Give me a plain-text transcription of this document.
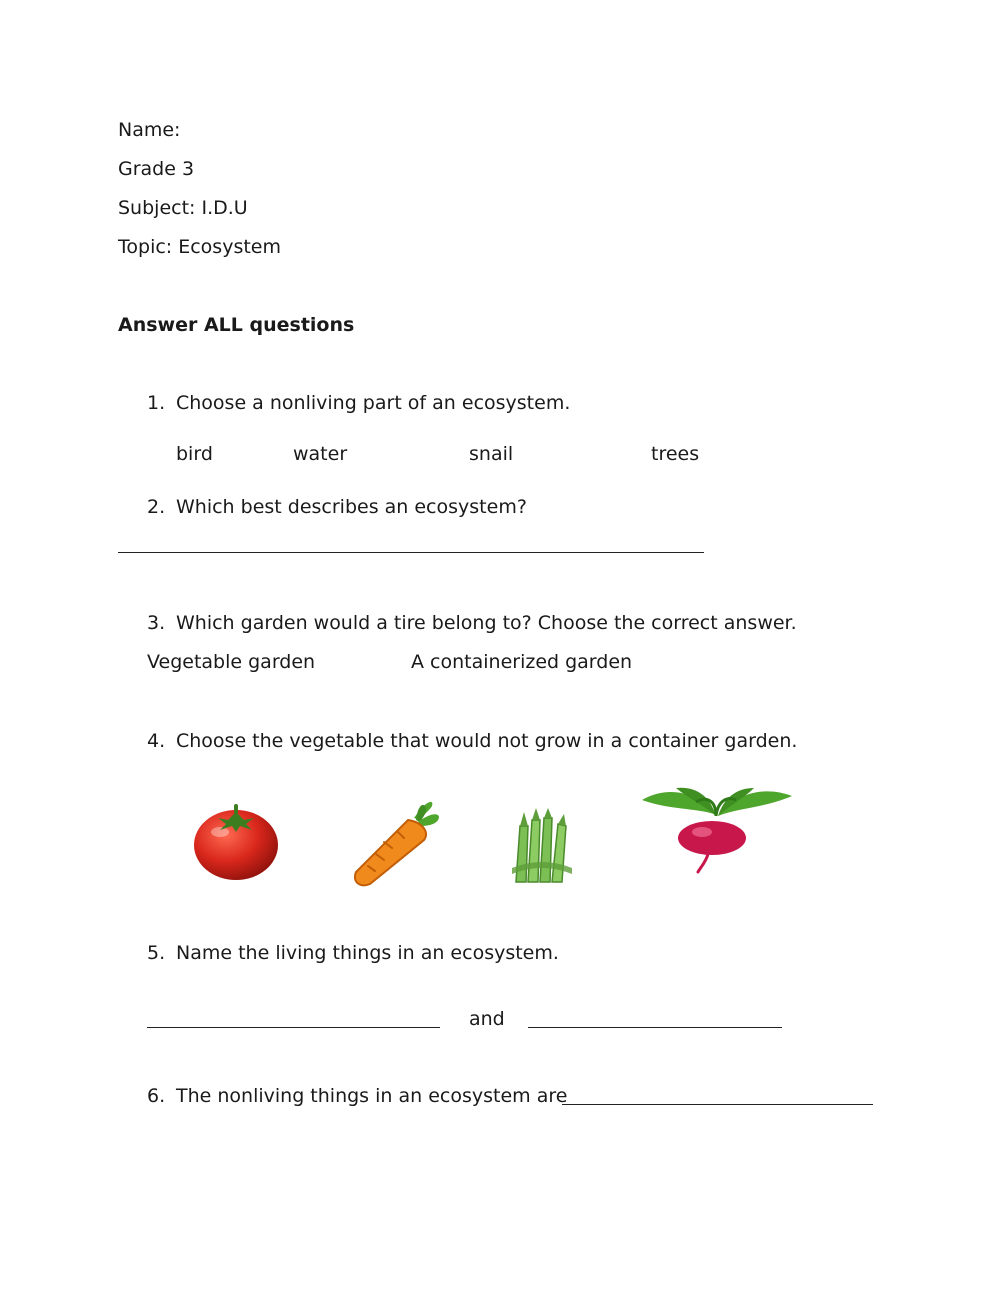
Name:
Grade 3
Subject: I.D.U
Topic: Ecosystem
Answer ALL questions
1. Choose a nonliving part of an ecosystem.
bird	water	snail	trees
2. Which best describes an ecosystem?
3. Which garden would a tire belong to? Choose the correct answer.
Vegetable garden	A containerized garden
4. Choose the vegetable that would not grow in a container garden.
5. Name the living things in an ecosystem.
and
6. The nonliving things in an ecosystem are
